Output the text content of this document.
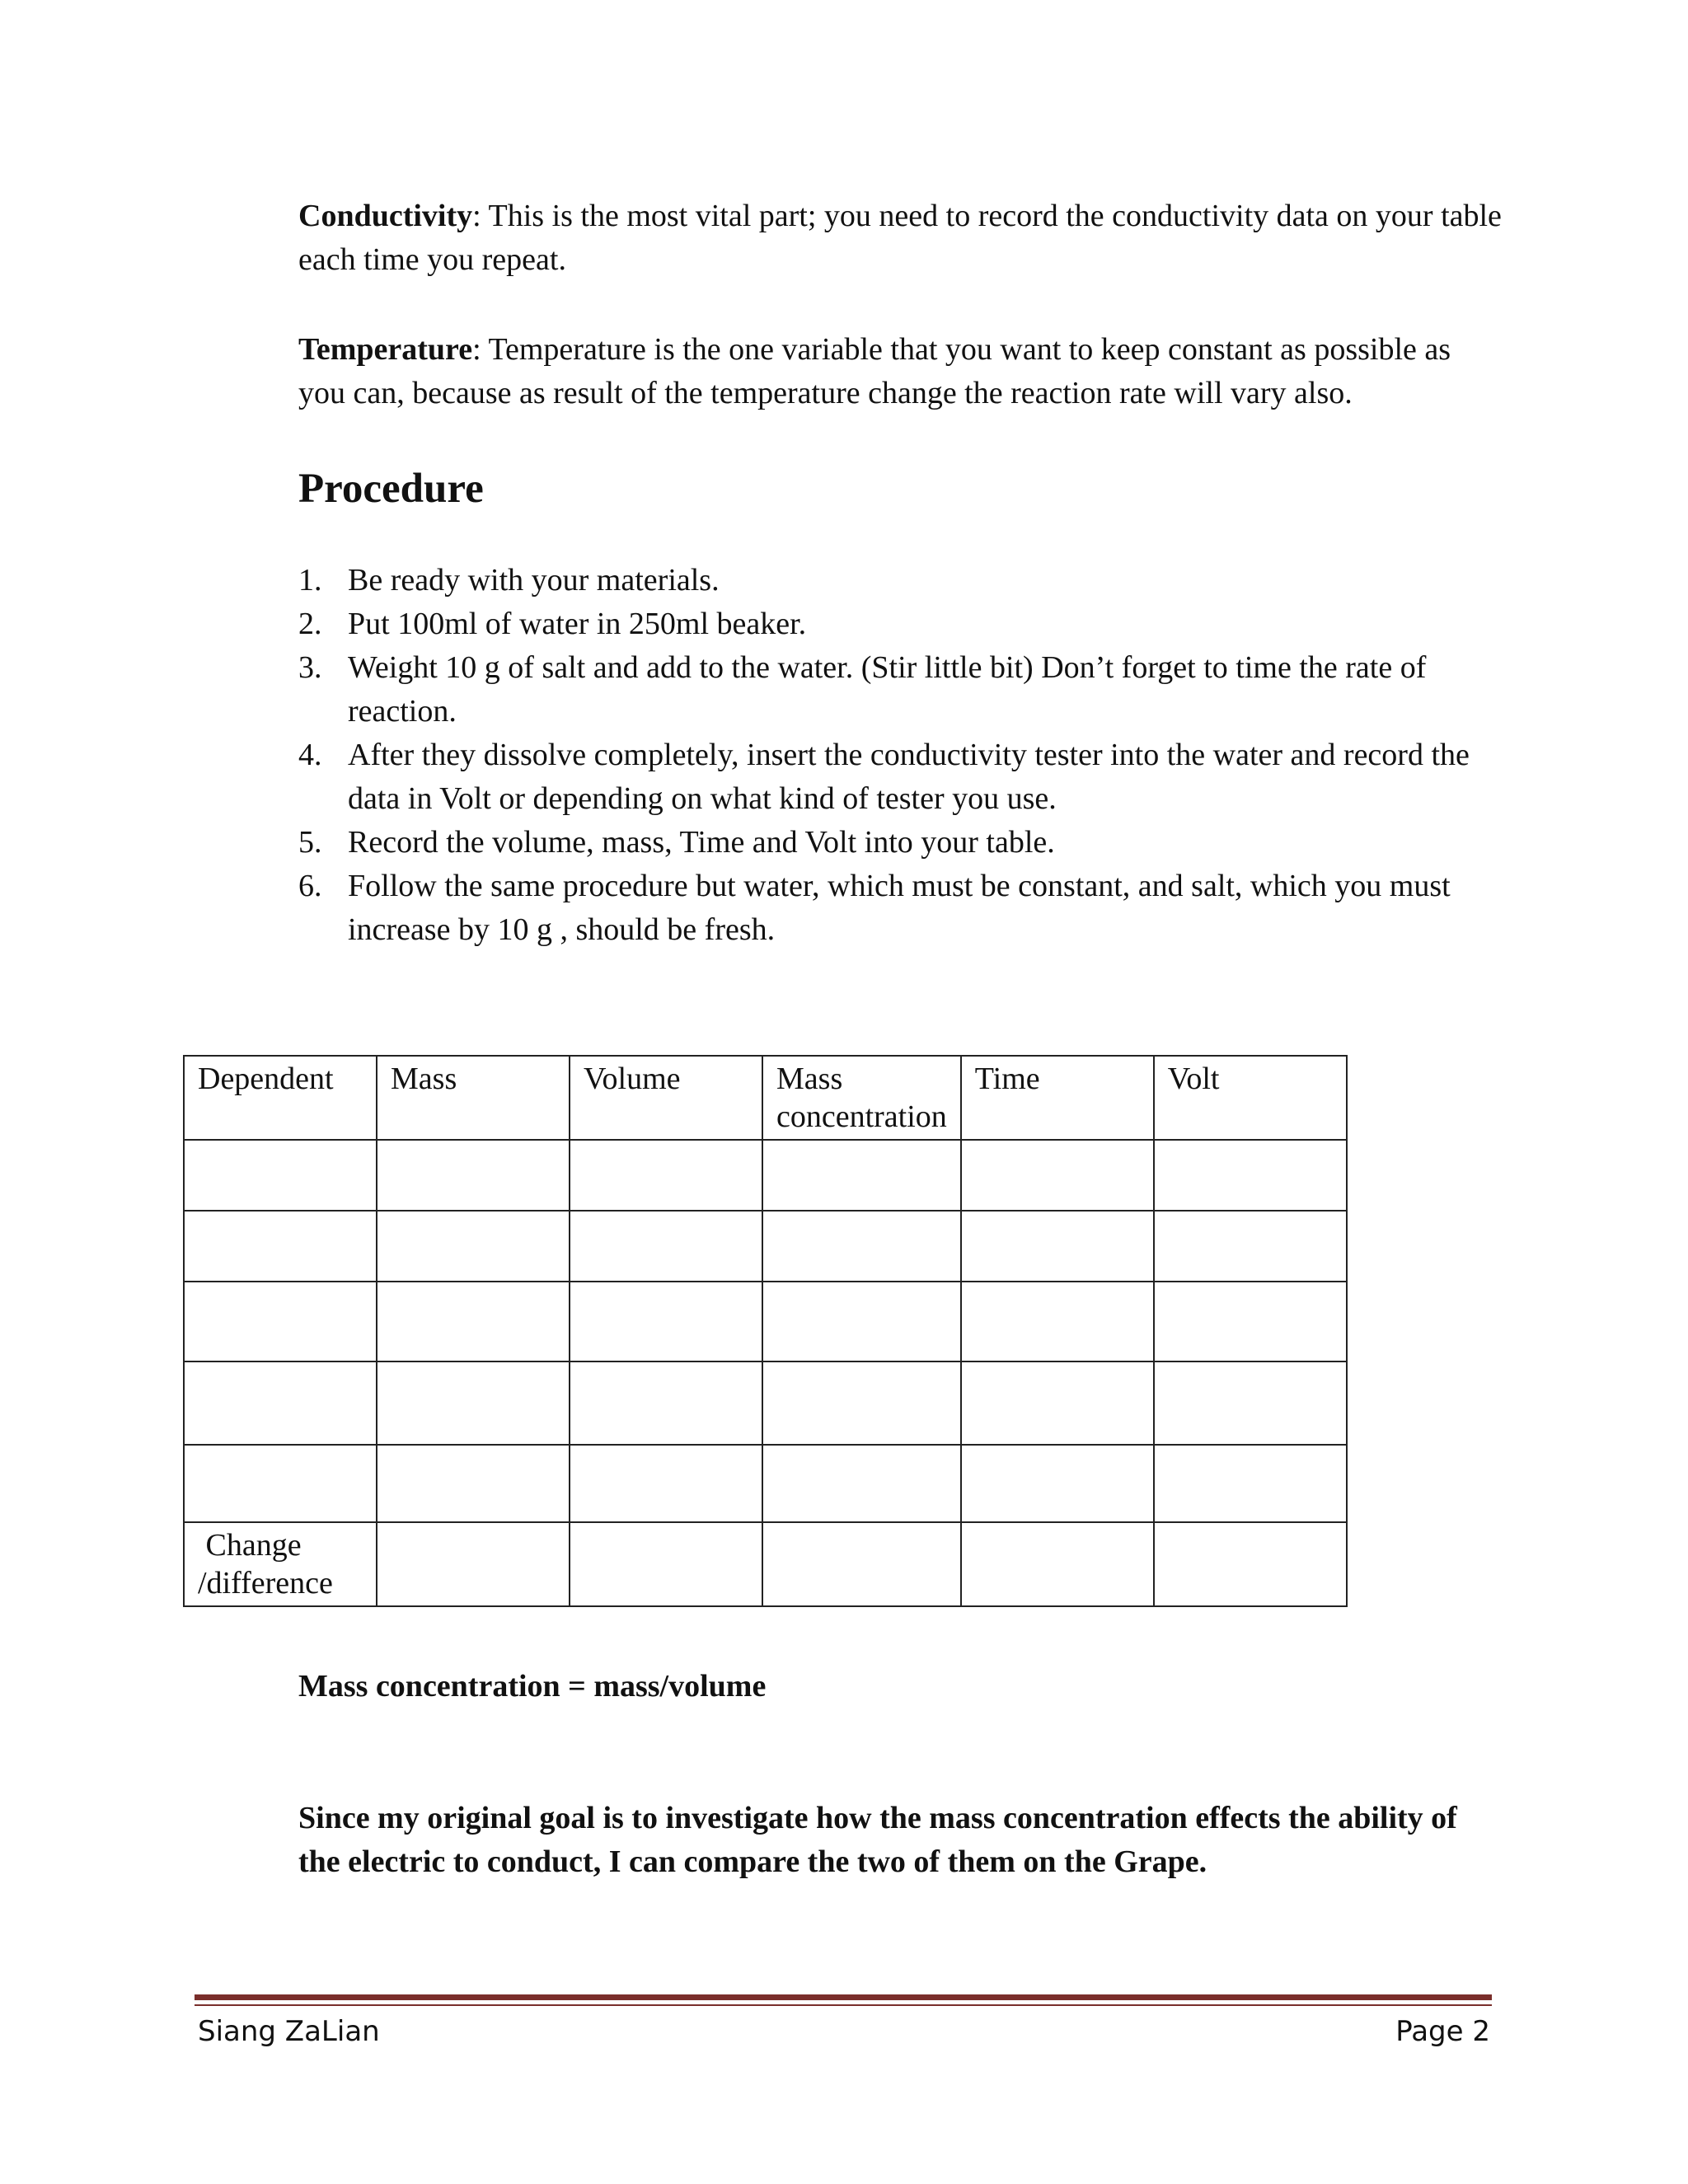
Conductivity: This is the most vital part; you need to record the conductivity data on your table each time you repeat.

Temperature: Temperature is the one variable that you want to keep constant as possible as you can, because as result of the temperature change the reaction rate will vary also.

Procedure
1. Be ready with your materials.
2. Put 100ml of water in 250ml beaker.
3. Weight 10 g of salt and add to the water. (Stir little bit) Don’t forget to time the rate of reaction.
4. After they dissolve completely, insert the conductivity tester into the water and record the data in Volt or depending on what kind of tester you use.
5. Record the volume, mass, Time and Volt into your table.
6. Follow the same procedure but water, which must be constant, and salt, which you must increase by 10 g , should be fresh.
Dependent	Mass	Volume	Mass concentration	Time	Volt

Change /difference					

Mass concentration = mass/volume

Since my original goal is to investigate how the mass concentration effects the ability of the electric to conduct, I can compare the two of them on the Grape.

Siang ZaLian	Page 2
